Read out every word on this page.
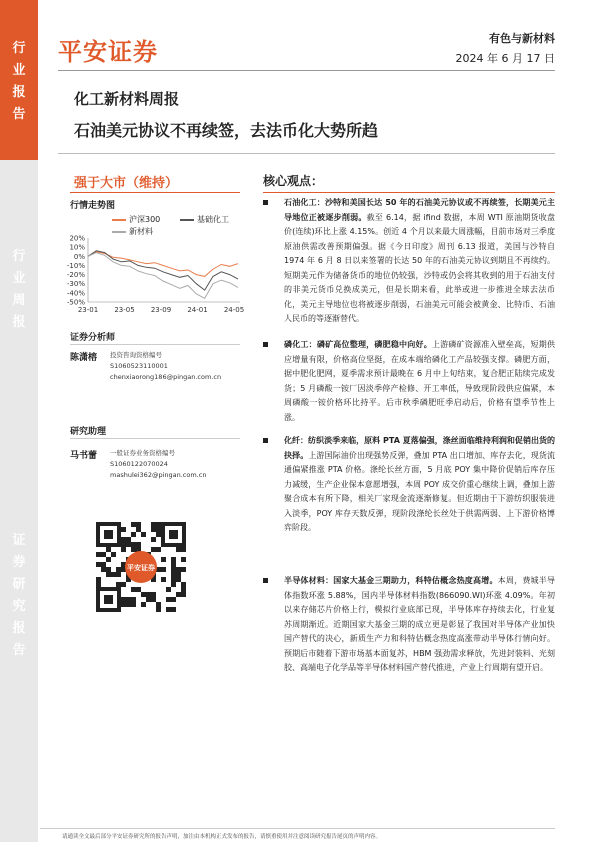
行
业
报
告
行
业
周
报
证
券
研
究
报
告
平安证券	有色与新材料
2024 年 6 月 17 日
化工新材料周报
石油美元协议不再续签，去法币化大势所趋
强于大市（维持）
行情走势图
沪深300	基础化工
新材料
20%
10%
0%
-10%
-20%
-30%
-40%
-50%
23-01 23-05 23-09 24-01 24-05
证券分析师
陈潇榕 投资咨询资格编号
S1060523110001
chenxiaorong186@pingan.com.cn
研究助理
马书蕾 一般证券业务资格编号
S1060122070024
mashulei362@pingan.com.cn
平安证券
核心观点：
石油化工：沙特和美国长达 50 年的石油美元协议或不再续签，长期美元主导地位正被逐步削弱。截至 6.14，据 ifind 数据，本周 WTI 原油期货收盘价(连续)环比上涨 4.15%。创近 4 个月以来最大周涨幅，目前市场对三季度原油供需改善预期偏强。据《今日印度》周刊 6.13 报道，美国与沙特自 1974 年 6 月 8 日以来签署的长达 50 年的石油美元协议到期且不再续约。短期美元作为储备货币的地位仍较强，沙特或仍会将其收到的用于石油支付的非美元货币兑换成美元，但是长期来看，此举或进一步推进全球去法币化，美元主导地位也将被逐步削弱，石油美元可能会被黄金、比特币、石油人民币的等逐渐替代。
磷化工：磷矿高位整理，磷肥稳中向好。上游磷矿资源准入壁垒高，短期供应增量有限，价格高位坚挺，在成本端给磷化工产品较强支撑。磷肥方面，据中肥化肥网，夏季需求预计最晚在 6 月中上旬结束，复合肥正陆续完成发货；5 月磷酸一铵厂因淡季停产检修、开工率低，导致现阶段供应偏紧，本周磷酸一铵价格环比持平。后市秋季磷肥旺季启动后，价格有望季节性上涨。
化纤：纺织淡季来临，原料 PTA 夏落偏强，涤丝面临维持利润和促销出货的抉择。上游国际油价出现强势反弹，叠加 PTA 出口增加、库存去化，现货流通偏紧推涨 PTA 价格。涤纶长丝方面，5 月底 POY 集中降价促销后库存压力减缓，生产企业保本意愿增强，本周 POY 成交价重心继续上调，叠加上游聚合成本有所下降，相关厂家现金流逐渐修复。但近期由于下游纺织服装进入淡季，POY 库存天数反弹，现阶段涤纶长丝处于供需两弱、上下游价格博弈阶段。
半导体材料：国家大基金三期助力，科特估概念热度高增。本周，费城半导体指数环涨 5.88%，国内半导体材料指数(866090.WI)环涨 4.09%。年初以来存储芯片价格上行，模拟行业底部已现，半导体库存持续去化，行业复苏周期渐近。近期国家大基金三期的成立更是彰显了我国对半导体产业加快国产替代的决心，新质生产力和科特估概念热度高涨带动半导体行情向好。预期后市随着下游市场基本面复苏，HBM 强劲需求释放，先进封装料、光刻胶、高端电子化学品等半导体材料国产替代推进，产业上行周期有望开启。
请通读全文最后部分平安证券研究所的报告声明，加注由本机构正式发布的报告，请慎重使用并注意阅读研究报告尾页的声明内容。
